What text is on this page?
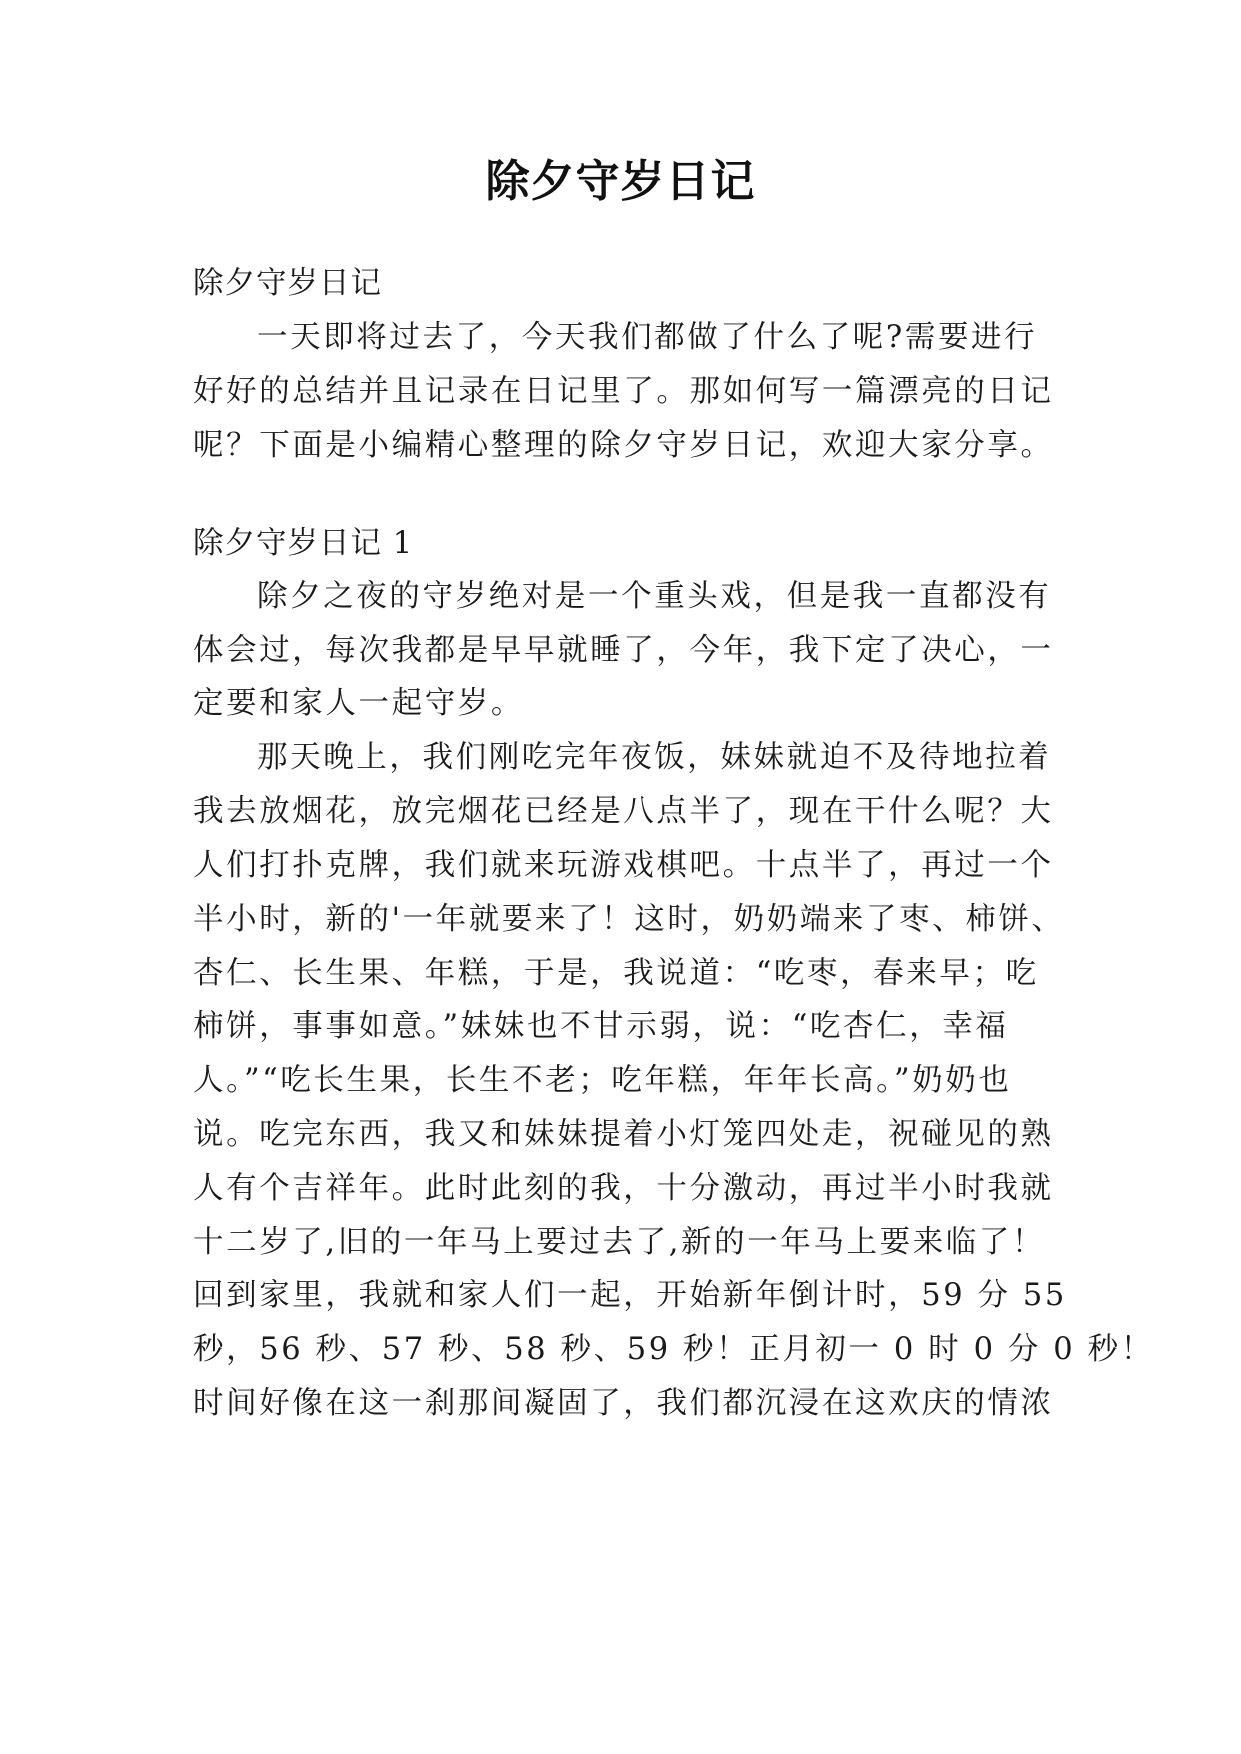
除夕守岁日记
除夕守岁日记
一天即将过去了，今天我们都做了什么了呢?需要进行
好好的总结并且记录在日记里了。那如何写一篇漂亮的日记
呢？下面是小编精心整理的除夕守岁日记，欢迎大家分享。
除夕守岁日记 1
除夕之夜的守岁绝对是一个重头戏，但是我一直都没有
体会过，每次我都是早早就睡了，今年，我下定了决心，一
定要和家人一起守岁。
那天晚上，我们刚吃完年夜饭，妹妹就迫不及待地拉着
我去放烟花，放完烟花已经是八点半了，现在干什么呢？大
人们打扑克牌，我们就来玩游戏棋吧。十点半了，再过一个
半小时，新的'一年就要来了！这时，奶奶端来了枣、柿饼、
杏仁、长生果、年糕，于是，我说道：“吃枣，春来早；吃
柿饼，事事如意。”妹妹也不甘示弱，说：“吃杏仁，幸福
人。”“吃长生果，长生不老；吃年糕，年年长高。”奶奶也
说。吃完东西，我又和妹妹提着小灯笼四处走，祝碰见的熟
人有个吉祥年。此时此刻的我，十分激动，再过半小时我就
十二岁了,旧的一年马上要过去了,新的一年马上要来临了！
回到家里，我就和家人们一起，开始新年倒计时，59 分 55
秒，56 秒、57 秒、58 秒、59 秒！正月初一 0 时 0 分 0 秒！
时间好像在这一刹那间凝固了，我们都沉浸在这欢庆的情浓
